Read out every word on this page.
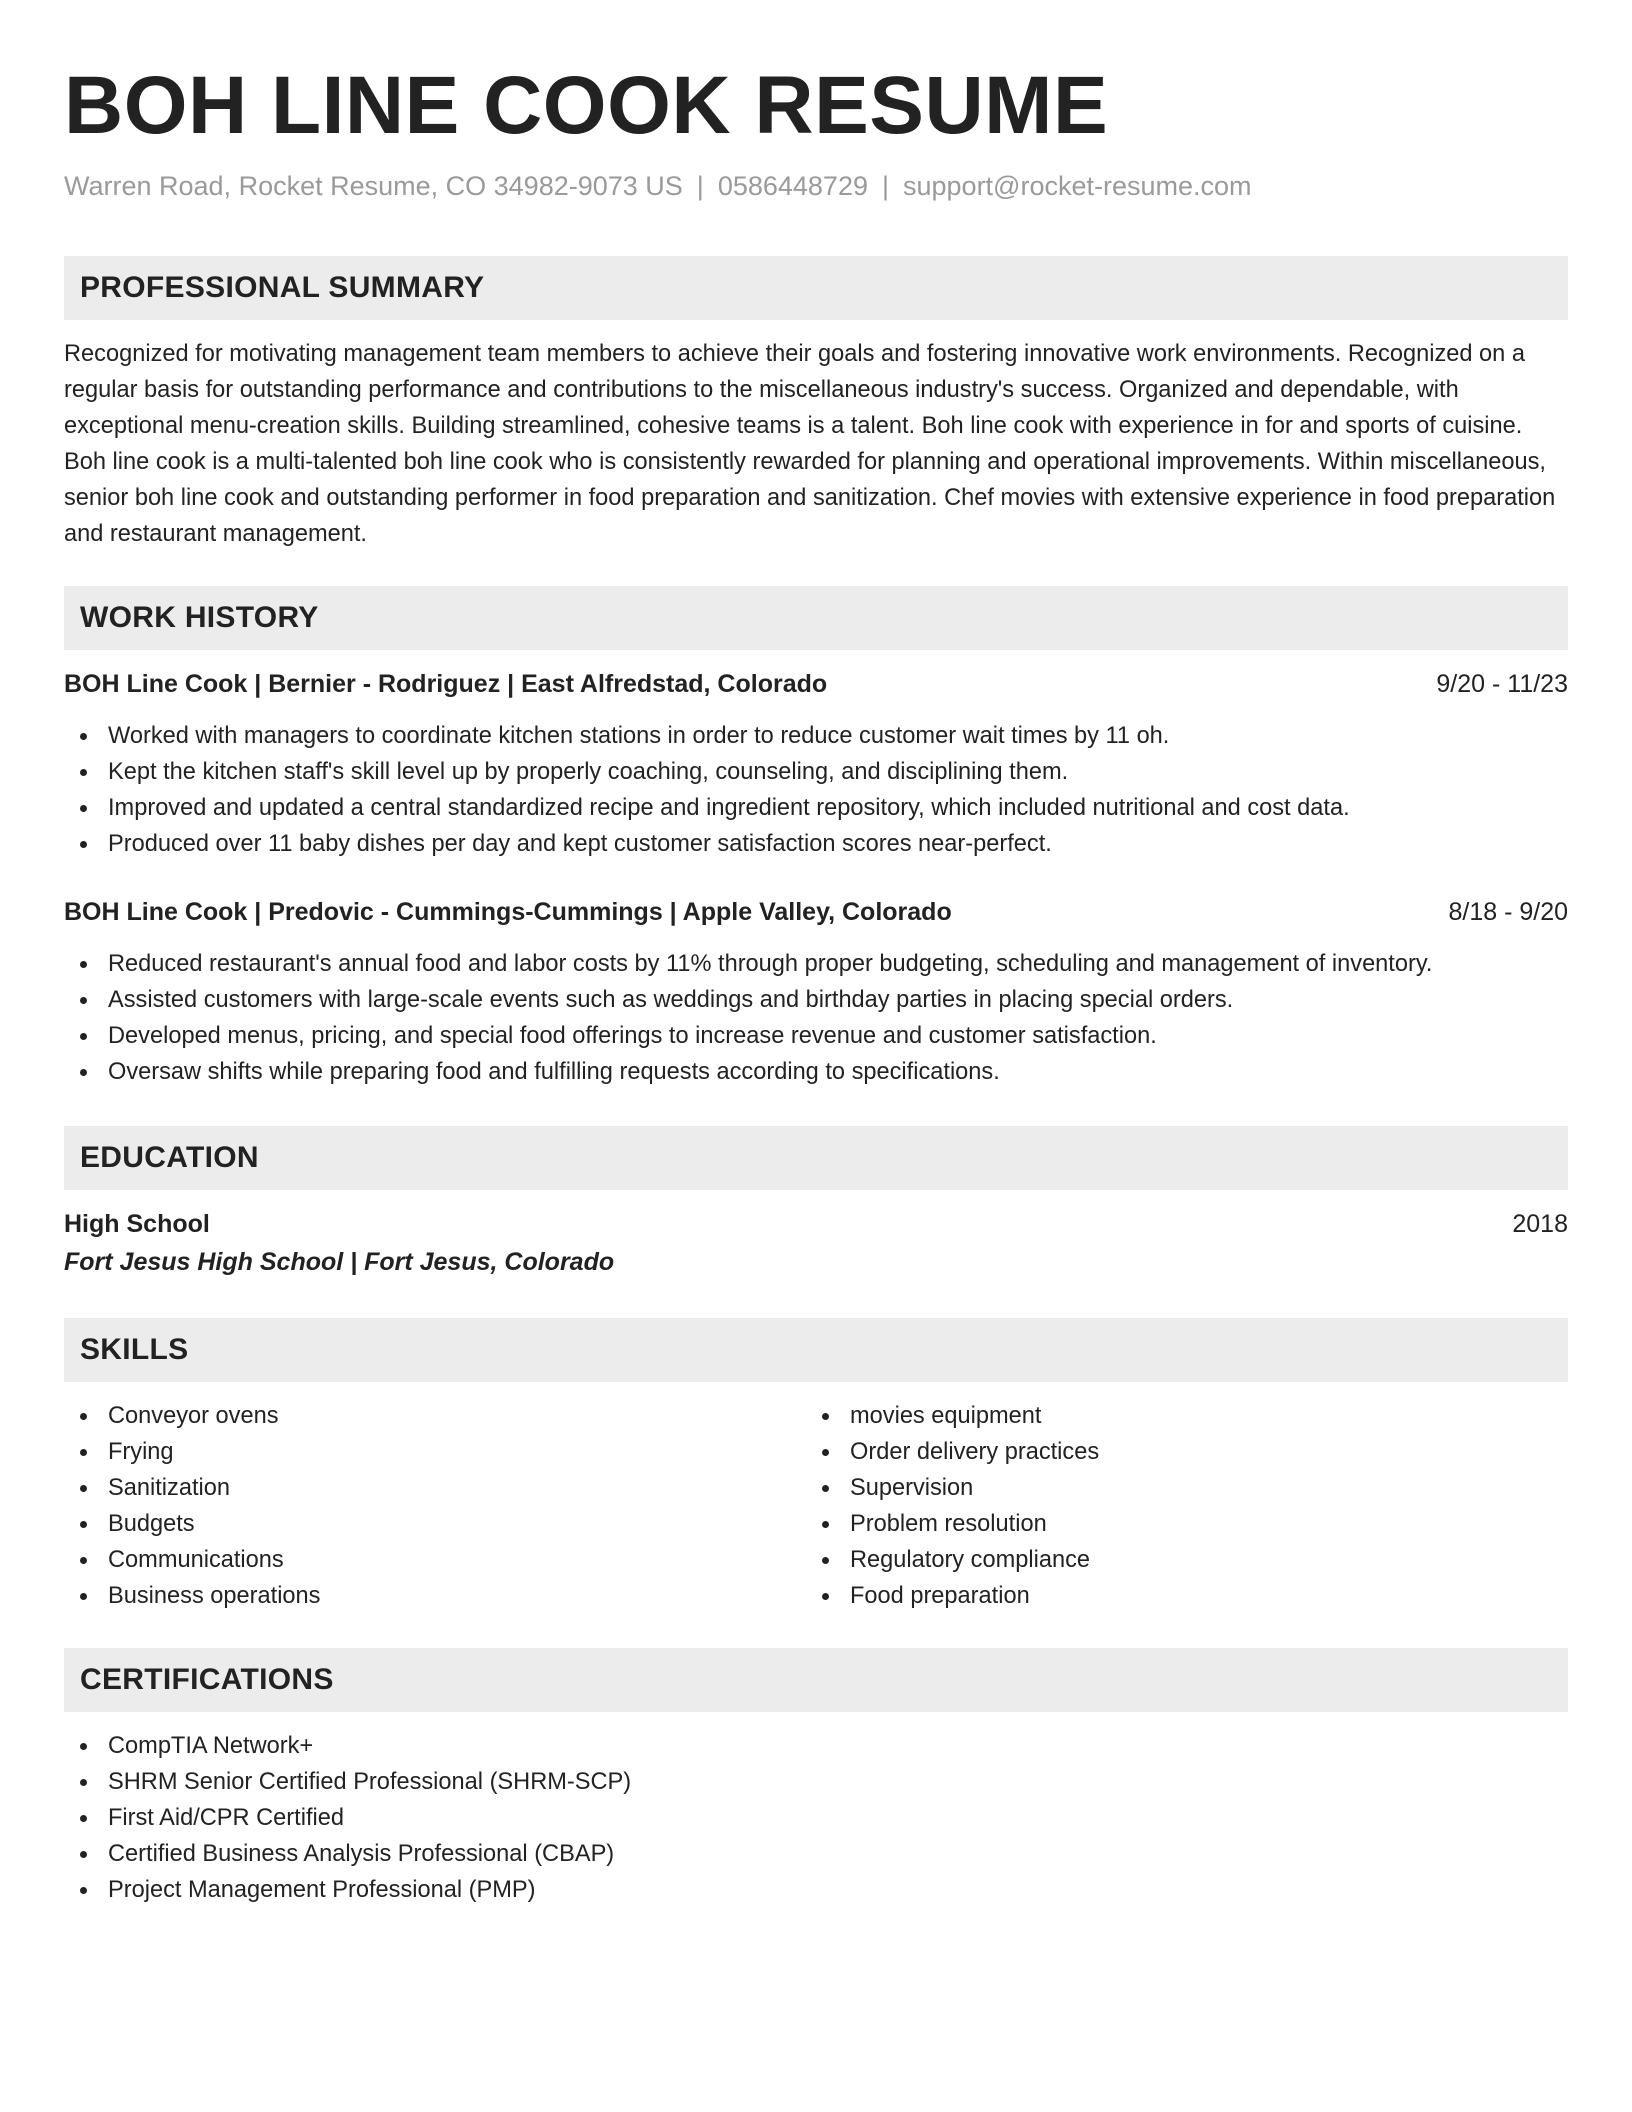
BOH LINE COOK RESUME
Warren Road, Rocket Resume, CO 34982-9073 US | 0586448729 | support@rocket-resume.com
PROFESSIONAL SUMMARY
Recognized for motivating management team members to achieve their goals and fostering innovative work environments. Recognized on a regular basis for outstanding performance and contributions to the miscellaneous industry's success. Organized and dependable, with exceptional menu-creation skills. Building streamlined, cohesive teams is a talent. Boh line cook with experience in for and sports of cuisine. Boh line cook is a multi-talented boh line cook who is consistently rewarded for planning and operational improvements. Within miscellaneous, senior boh line cook and outstanding performer in food preparation and sanitization. Chef movies with extensive experience in food preparation and restaurant management.
WORK HISTORY
BOH Line Cook | Bernier - Rodriguez | East Alfredstad, Colorado	9/20 - 11/23
Worked with managers to coordinate kitchen stations in order to reduce customer wait times by 11 oh.
Kept the kitchen staff's skill level up by properly coaching, counseling, and disciplining them.
Improved and updated a central standardized recipe and ingredient repository, which included nutritional and cost data.
Produced over 11 baby dishes per day and kept customer satisfaction scores near-perfect.
BOH Line Cook | Predovic - Cummings-Cummings | Apple Valley, Colorado	8/18 - 9/20
Reduced restaurant's annual food and labor costs by 11% through proper budgeting, scheduling and management of inventory.
Assisted customers with large-scale events such as weddings and birthday parties in placing special orders.
Developed menus, pricing, and special food offerings to increase revenue and customer satisfaction.
Oversaw shifts while preparing food and fulfilling requests according to specifications.
EDUCATION
High School	2018
Fort Jesus High School | Fort Jesus, Colorado
SKILLS
Conveyor ovens
Frying
Sanitization
Budgets
Communications
Business operations
movies equipment
Order delivery practices
Supervision
Problem resolution
Regulatory compliance
Food preparation
CERTIFICATIONS
CompTIA Network+
SHRM Senior Certified Professional (SHRM-SCP)
First Aid/CPR Certified
Certified Business Analysis Professional (CBAP)
Project Management Professional (PMP)
